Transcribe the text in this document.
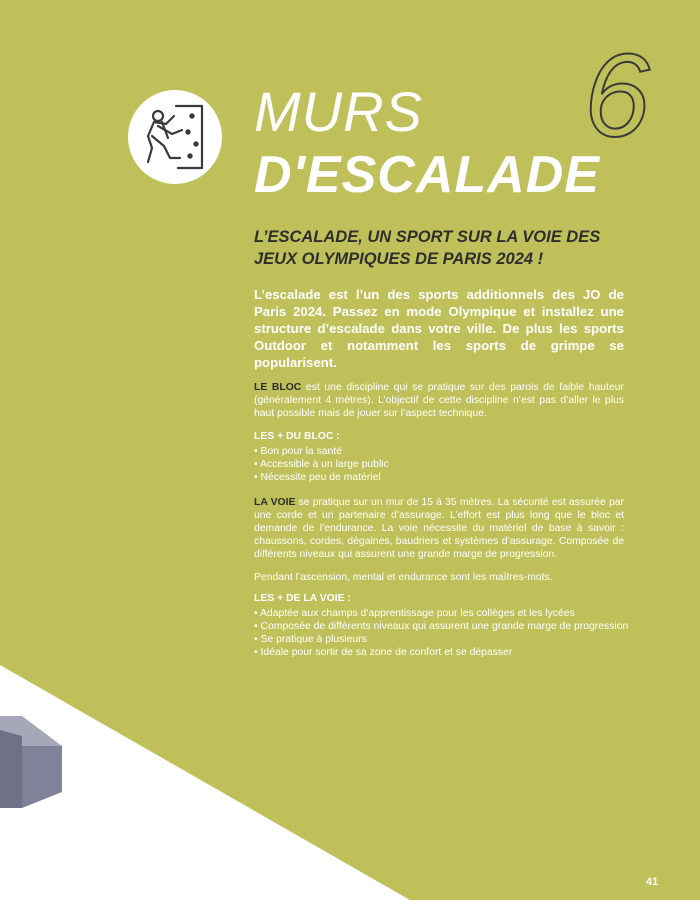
6
MURS
D'ESCALADE
L’ESCALADE, UN SPORT SUR LA VOIE DES
JEUX OLYMPIQUES DE PARIS 2024 !

L’escalade est l’un des sports additionnels des JO de Paris 2024. Passez en mode Olympique et installez une structure d’escalade dans votre ville. De plus les sports Outdoor et notamment les sports de grimpe se popularisent.

LE BLOC est une discipline qui se pratique sur des parois de faible hauteur (généralement 4 mètres). L’objectif de cette discipline n’est pas d’aller le plus haut possible mais de jouer sur l’aspect technique.

LES + DU BLOC :
• Bon pour la santé
• Accessible à un large public
• Nécessite peu de matériel

LA VOIE se pratique sur un mur de 15 à 35 mètres. La sécurité est assurée par une corde et un partenaire d’assurage. L’effort est plus long que le bloc et demande de l’endurance. La voie nécessite du matériel de base à savoir : chaussons, cordes, dégaines, baudriers et systèmes d’assurage. Composée de différents niveaux qui assurent une grande marge de progression.

Pendant l’ascension, mental et endurance sont les maîtres-mots.

LES + DE LA VOIE :
• Adaptée aux champs d’apprentissage pour les collèges et les lycées
• Composée de différents niveaux qui assurent une grande marge de progression
• Se pratique à plusieurs
• Idéale pour sortir de sa zone de confort et se dépasser
41
